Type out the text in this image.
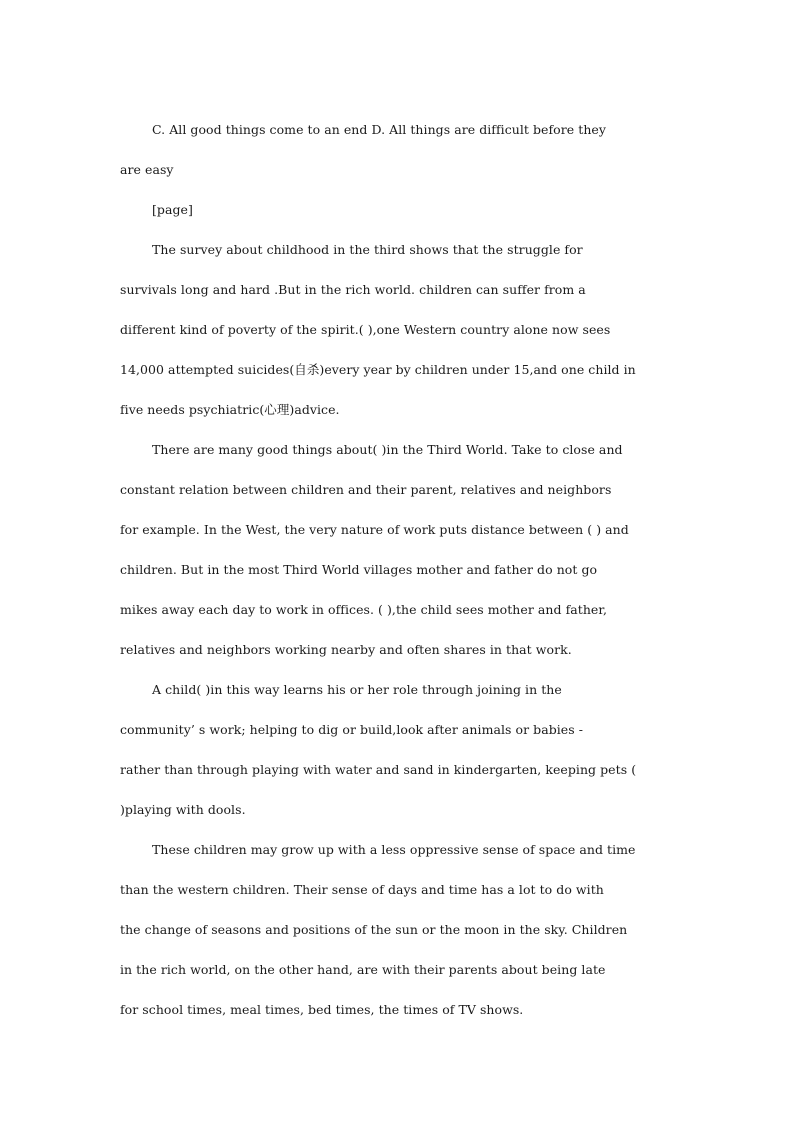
C. All good things come to an end D. All things are difficult before they
are easy
[page]
The survey about childhood in the third shows that the struggle for
survivals long and hard .But in the rich world. children can suffer from a
different kind of poverty of the spirit.( ),one Western country alone now sees
14,000 attempted suicides(自杀)every year by children under 15,and one child in
five needs psychiatric(心理)advice.
There are many good things about( )in the Third World. Take to close and
constant relation between children and their parent, relatives and neighbors
for example. In the West, the very nature of work puts distance between ( ) and
children. But in the most Third World villages mother and father do not go
mikes away each day to work in offices. ( ),the child sees mother and father,
relatives and neighbors working nearby and often shares in that work.
A child( )in this way learns his or her role through joining in the
community’ s work; helping to dig or build,look after animals or babies -
rather than through playing with water and sand in kindergarten, keeping pets (
)playing with dools.
These children may grow up with a less oppressive sense of space and time
than the western children. Their sense of days and time has a lot to do with
the change of seasons and positions of the sun or the moon in the sky. Children
in the rich world, on the other hand, are with their parents about being late
for school times, meal times, bed times, the times of TV shows.
